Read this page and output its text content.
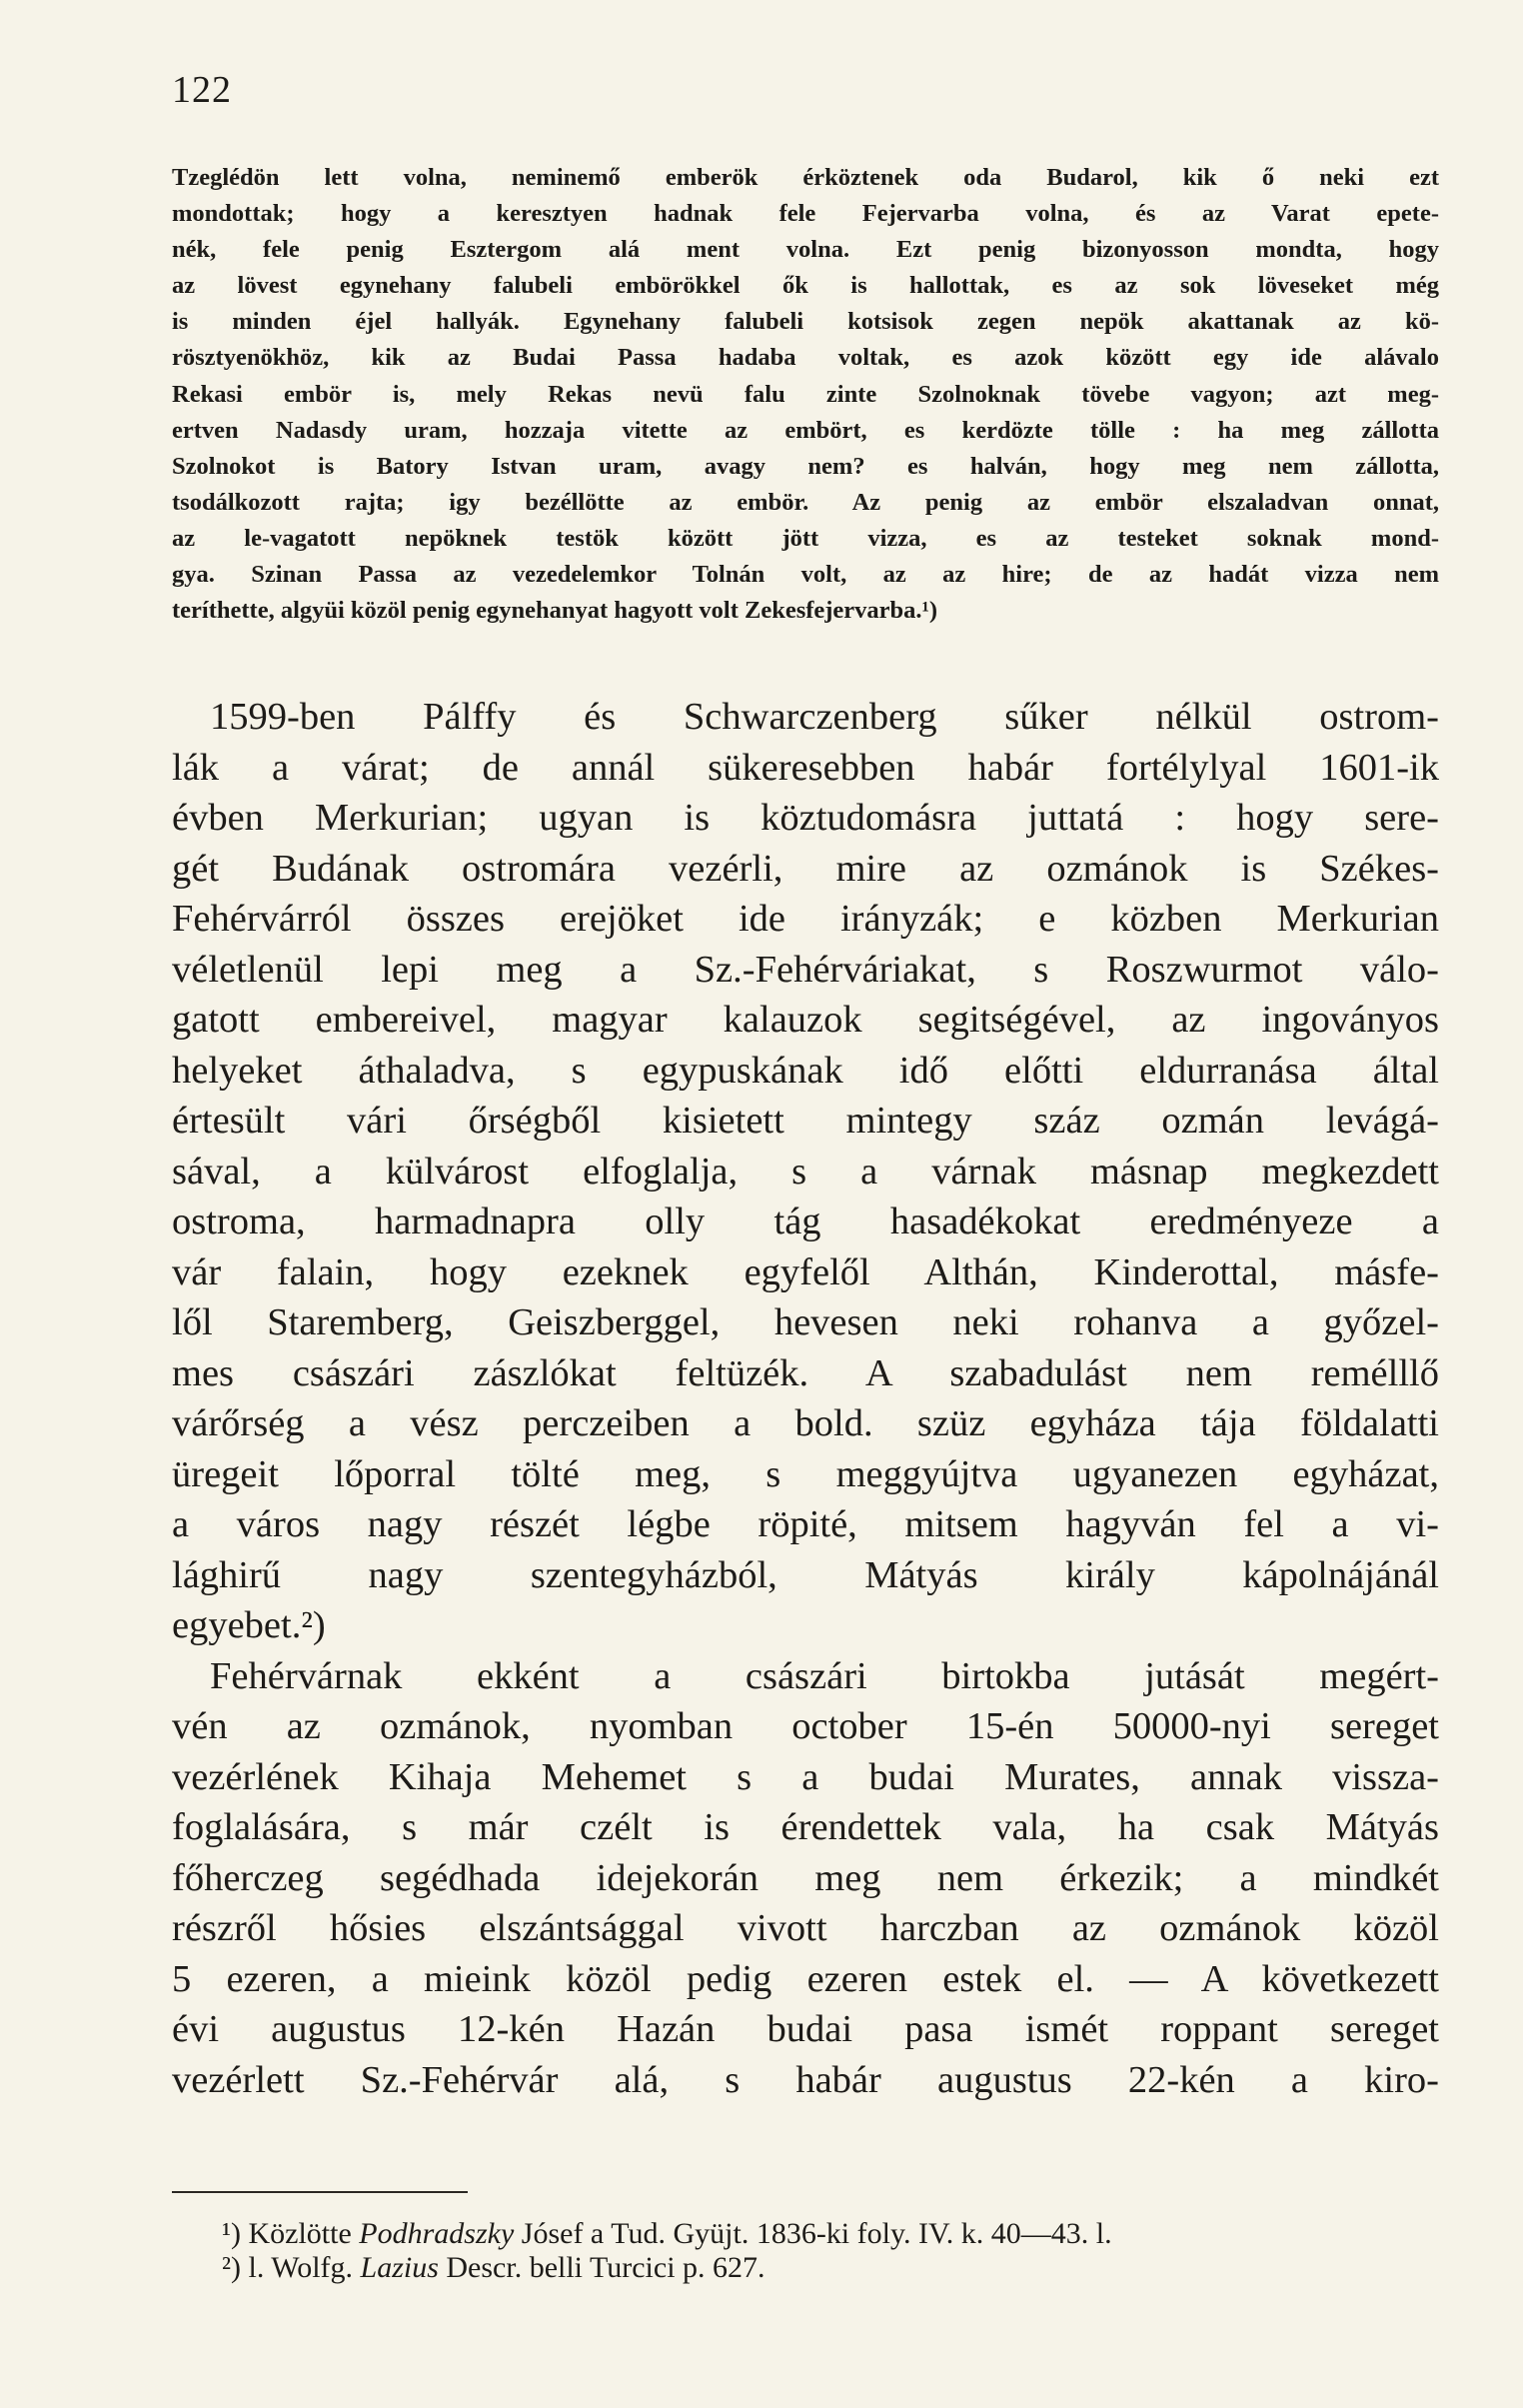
122
Tzeglédön lett volna, neminemő emberök érköztenek oda Budarol, kik ő neki ezt
mondottak; hogy a keresztyen hadnak fele Fejervarba volna, és az Varat epete-
nék, fele penig Esztergom alá ment volna. Ezt penig bizonyosson mondta, hogy
az lövest egynehany falubeli embörökkel ők is hallottak, es az sok löveseket még
is minden éjel hallyák. Egynehany falubeli kotsisok zegen nepök akattanak az kö-
rösztyenökhöz, kik az Budai Passa hadaba voltak, es azok között egy ide alávalo
Rekasi embör is, mely Rekas nevü falu zinte Szolnoknak tövebe vagyon; azt meg-
ertven Nadasdy uram, hozzaja vitette az embört, es kerdözte tölle : ha meg zállotta
Szolnokot is Batory Istvan uram, avagy nem? es halván, hogy meg nem zállotta,
tsodálkozott rajta; igy bezéllötte az embör. Az penig az embör elszaladvan onnat,
az le-vagatott nepöknek testök között jött vizza, es az testeket soknak mond-
gya. Szinan Passa az vezedelemkor Tolnán volt, az az hire; de az hadát vizza nem
teríthette, algyüi közöl penig egynehanyat hagyott volt Zekesfejervarba.¹)
1599-ben Pálffy és Schwarczenberg sűker nélkül ostrom-
lák a várat; de annál sükeresebben habár fortélylyal 1601-ik
évben Merkurian; ugyan is köztudomásra juttatá : hogy sere-
gét Budának ostromára vezérli, mire az ozmánok is Székes-
Fehérvárról összes erejöket ide irányzák; e közben Merkurian
véletlenül lepi meg a Sz.-Fehérváriakat, s Roszwurmot válo-
gatott embereivel, magyar kalauzok segitségével, az ingoványos
helyeket áthaladva, s egypuskának idő előtti eldurranása által
értesült vári őrségből kisietett mintegy száz ozmán levágá-
sával, a külvárost elfoglalja, s a várnak másnap megkezdett
ostroma, harmadnapra olly tág hasadékokat eredményeze a
vár falain, hogy ezeknek egyfelől Althán, Kinderottal, másfe-
lől Staremberg, Geiszberggel, hevesen neki rohanva a győzel-
mes császári zászlókat feltüzék. A szabadulást nem remélllő
várőrség a vész perczeiben a bold. szüz egyháza tája földalatti
üregeit lőporral tölté meg, s meggyújtva ugyanezen egyházat,
a város nagy részét légbe röpité, mitsem hagyván fel a vi-
lághirű nagy szentegyházból, Mátyás király kápolnájánál
egyebet.²)
Fehérvárnak ekként a császári birtokba jutását megért-
vén az ozmánok, nyomban october 15-én 50000-nyi sereget
vezérlének Kihaja Mehemet s a budai Murates, annak vissza-
foglalására, s már czélt is érendettek vala, ha csak Mátyás
főherczeg segédhada idejekorán meg nem érkezik; a mindkét
részről hősies elszántsággal vivott harczban az ozmánok közöl
5 ezeren, a mieink közöl pedig ezeren estek el. — A következett
évi augustus 12-kén Hazán budai pasa ismét roppant sereget
vezérlett Sz.-Fehérvár alá, s habár augustus 22-kén a kiro-
¹) Közlötte Podhradszky Jósef a Tud. Gyüjt. 1836-ki foly. IV. k. 40—43. l.
²) l. Wolfg. Lazius Descr. belli Turcici p. 627.
